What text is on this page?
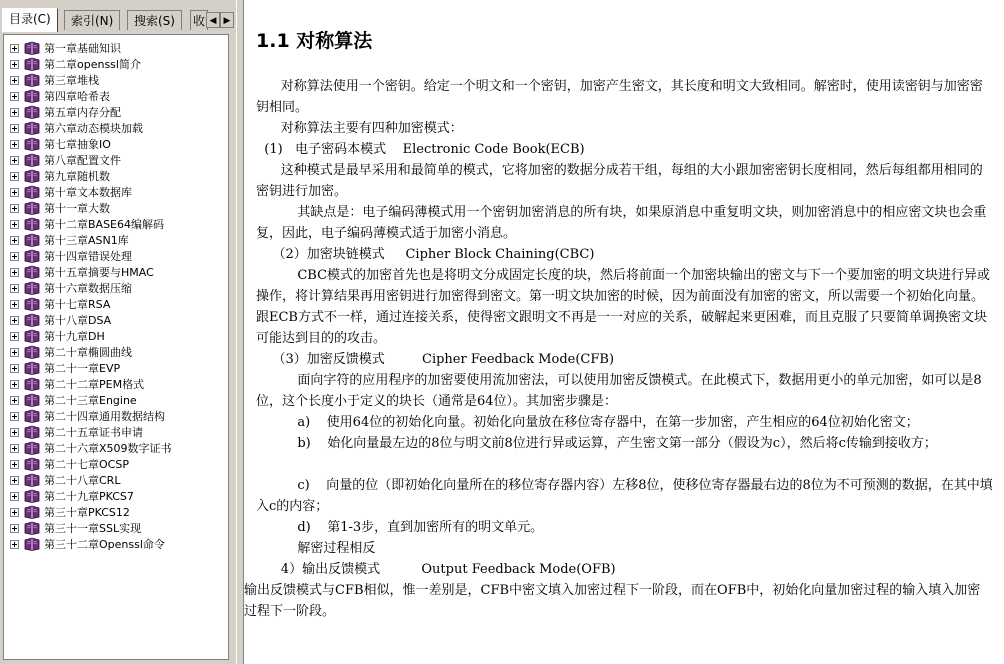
目录(C)	索引(N)	搜索(S)	收 ◀ ▶
第一章基础知识
第二章openssl简介
第三章堆栈
第四章哈希表
第五章内存分配
第六章动态模块加载
第七章抽象IO
第八章配置文件
第九章随机数
第十章文本数据库
第十一章大数
第十二章BASE64编解码
第十三章ASN1库
第十四章错误处理
第十五章摘要与HMAC
第十六章数据压缩
第十七章RSA
第十八章DSA
第十九章DH
第二十章椭圆曲线
第二十一章EVP
第二十二章PEM格式
第二十三章Engine
第二十四章通用数据结构
第二十五章证书申请
第二十六章X509数字证书
第二十七章OCSP
第二十八章CRL
第二十九章PKCS7
第三十章PKCS12
第三十一章SSL实现
第三十二章Openssl命令
1.1 对称算法
对称算法使用一个密钥。给定一个明文和一个密钥，加密产生密文，其长度和明文大致相同。解密时，使用读密钥与加密密钥相同。
对称算法主要有四种加密模式：
(1)   电子密码本模式    Electronic Code Book(ECB)
这种模式是最早采用和最简单的模式，它将加密的数据分成若干组，每组的大小跟加密密钥长度相同，然后每组都用相同的密钥进行加密。
其缺点是：电子编码薄模式用一个密钥加密消息的所有块，如果原消息中重复明文块，则加密消息中的相应密文块也会重复，因此，电子编码薄模式适于加密小消息。
（2）加密块链模式     Cipher Block Chaining(CBC)
CBC模式的加密首先也是将明文分成固定长度的块，然后将前面一个加密块输出的密文与下一个要加密的明文块进行异或操作，将计算结果再用密钥进行加密得到密文。第一明文块加密的时候，因为前面没有加密的密文，所以需要一个初始化向量。跟ECB方式不一样，通过连接关系，使得密文跟明文不再是一一对应的关系，破解起来更困难，而且克服了只要简单调换密文块可能达到目的的攻击。
（3）加密反馈模式         Cipher Feedback Mode(CFB)
面向字符的应用程序的加密要使用流加密法，可以使用加密反馈模式。在此模式下，数据用更小的单元加密，如可以是8位，这个长度小于定义的块长（通常是64位）。其加密步骤是：
a)    使用64位的初始化向量。初始化向量放在移位寄存器中，在第一步加密，产生相应的64位初始化密文；
b)    始化向量最左边的8位与明文前8位进行异或运算，产生密文第一部分（假设为c），然后将c传输到接收方；
c)    向量的位（即初始化向量所在的移位寄存器内容）左移8位，使移位寄存器最右边的8位为不可预测的数据，在其中填入c的内容；
d)    第1-3步，直到加密所有的明文单元。
解密过程相反
4）输出反馈模式          Output Feedback Mode(OFB)
输出反馈模式与CFB相似，惟一差别是，CFB中密文填入加密过程下一阶段，而在OFB中，初始化向量加密过程的输入填入加密过程下一阶段。
